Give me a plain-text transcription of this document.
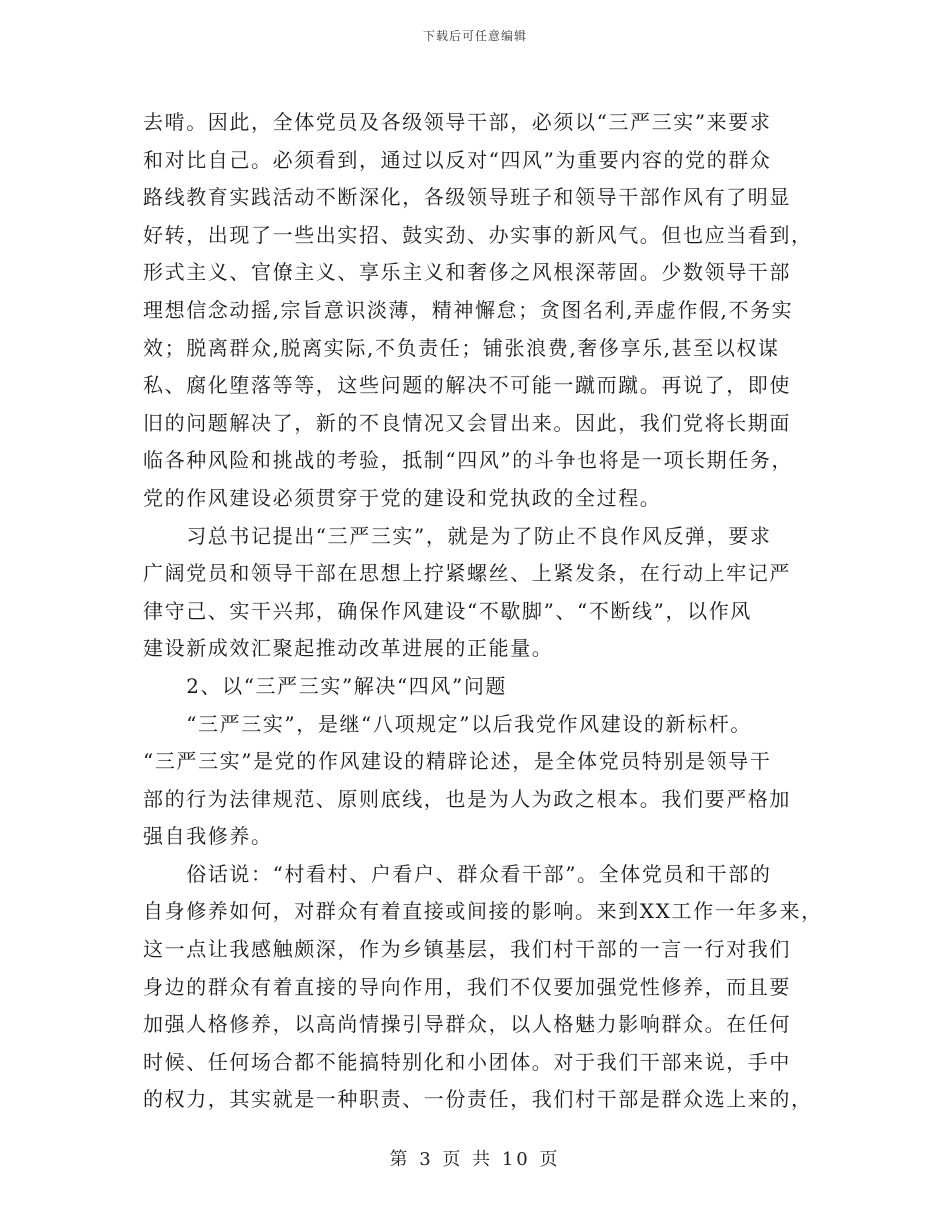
下载后可任意编辑
去啃。因此，全体党员及各级领导干部，必须以“三严三实”来要求
和对比自己。必须看到，通过以反对“四风”为重要内容的党的群众
路线教育实践活动不断深化，各级领导班子和领导干部作风有了明显
好转，出现了一些出实招、鼓实劲、办实事的新风气。但也应当看到，
形式主义、官僚主义、享乐主义和奢侈之风根深蒂固。少数领导干部
理想信念动摇,宗旨意识淡薄，精神懈怠；贪图名利,弄虚作假,不务实
效；脱离群众,脱离实际,不负责任；铺张浪费,奢侈享乐,甚至以权谋
私、腐化堕落等等，这些问题的解决不可能一蹴而蹴。再说了，即使
旧的问题解决了，新的不良情况又会冒出来。因此，我们党将长期面
临各种风险和挑战的考验，抵制“四风”的斗争也将是一项长期任务，
党的作风建设必须贯穿于党的建设和党执政的全过程。
　　习总书记提出“三严三实”，就是为了防止不良作风反弹，要求
广阔党员和领导干部在思想上拧紧螺丝、上紧发条，在行动上牢记严
律守己、实干兴邦，确保作风建设“不歇脚”、“不断线”，以作风
建设新成效汇聚起推动改革进展的正能量。
　　2、以“三严三实”解决“四风”问题
　　“三严三实”，是继“八项规定”以后我党作风建设的新标杆。
“三严三实”是党的作风建设的精辟论述，是全体党员特别是领导干
部的行为法律规范、原则底线，也是为人为政之根本。我们要严格加
强自我修养。
　　俗话说：“村看村、户看户、群众看干部”。全体党员和干部的
自身修养如何，对群众有着直接或间接的影响。来到XX工作一年多来，
这一点让我感触颇深，作为乡镇基层，我们村干部的一言一行对我们
身边的群众有着直接的导向作用，我们不仅要加强党性修养，而且要
加强人格修养，以高尚情操引导群众，以人格魅力影响群众。在任何
时候、任何场合都不能搞特别化和小团体。对于我们干部来说，手中
的权力，其实就是一种职责、一份责任，我们村干部是群众选上来的，
第 3 页 共 10 页
